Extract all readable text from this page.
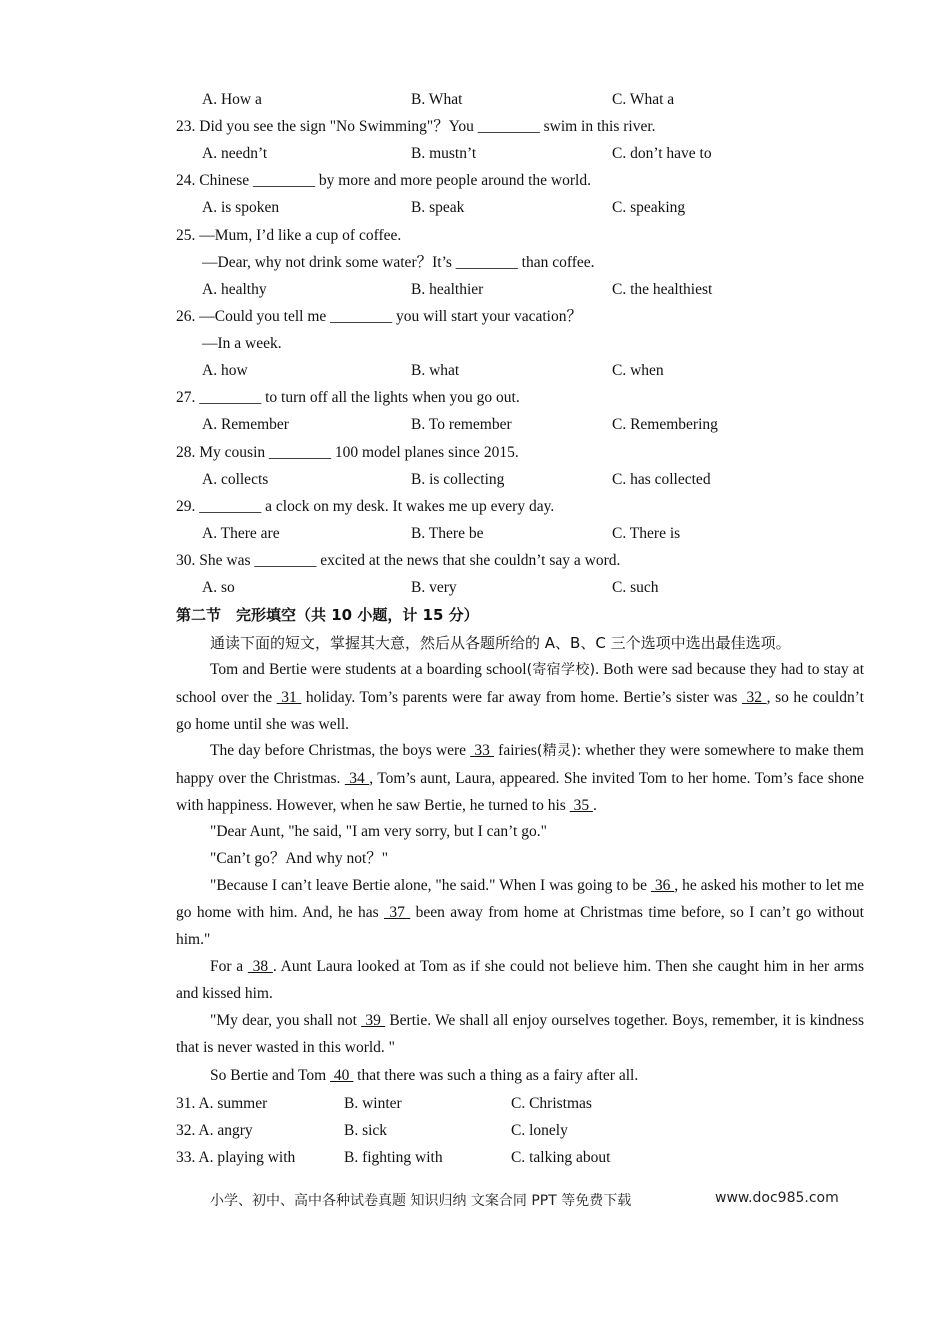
A. How a	B. What	C. What a
23. Did you see the sign "No Swimming"？You ________ swim in this river.
A. needn’t	B. mustn’t	C. don’t have to
24. Chinese ________ by more and more people around the world.
A. is spoken	B. speak	C. speaking
25. —Mum, I’d like a cup of coffee.
—Dear, why not drink some water？It’s ________ than coffee.
A. healthy	B. healthier	C. the healthiest
26. —Could you tell me ________ you will start your vacation？
—In a week.
A. how	B. what	C. when
27. ________ to turn off all the lights when you go out.
A. Remember	B. To remember	C. Remembering
28. My cousin ________ 100 model planes since 2015.
A. collects	B. is collecting	C. has collected
29. ________ a clock on my desk. It wakes me up every day.
A. There are	B. There be	C. There is
30. She was ________ excited at the news that she couldn’t say a word.
A. so	B. very	C. such
第二节　完形填空（共 10 小题，计 15 分）
通读下面的短文，掌握其大意，然后从各题所给的 A、B、C 三个选项中选出最佳选项。
Tom and Bertie were students at a boarding school(寄宿学校). Both were sad because they had to stay at school over the  31  holiday. Tom’s parents were far away from home. Bertie’s sister was  32 , so he couldn’t go home until she was well.
The day before Christmas, the boys were  33  fairies(精灵): whether they were somewhere to make them happy over the Christmas.  34 , Tom’s aunt, Laura, appeared. She invited Tom to her home. Tom’s face shone with happiness. However, when he saw Bertie, he turned to his  35 .
"Dear Aunt, "he said, "I am very sorry, but I can’t go."
"Can’t go？And why not？"
"Because I can’t leave Bertie alone, "he said." When I was going to be  36 , he asked his mother to let me go home with him. And, he has  37  been away from home at Christmas time before, so I can’t go without him."
For a  38 . Aunt Laura looked at Tom as if she could not believe him. Then she caught him in her arms and kissed him.
"My dear, you shall not  39  Bertie. We shall all enjoy ourselves together. Boys, remember, it is kindness that is never wasted in this world. "
So Bertie and Tom  40  that there was such a thing as a fairy after all.
31. A. summer	B. winter	C. Christmas
32. A. angry	B. sick	C. lonely
33. A. playing with	B. fighting with	C. talking about
小学、初中、高中各种试卷真题 知识归纳 文案合同 PPT 等免费下载	www.doc985.com
